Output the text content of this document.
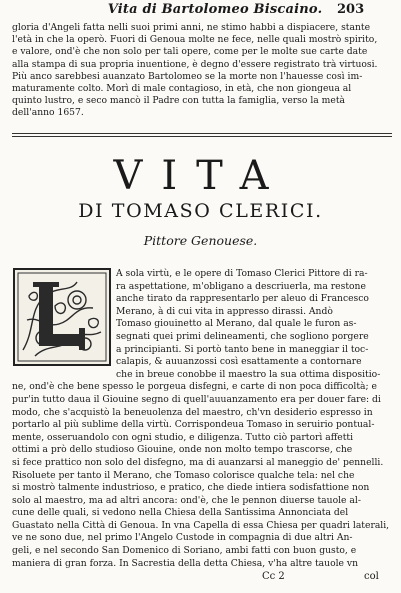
Vita di Bartolomeo Biscaino.	203
gloria d'Angeli fatta nelli suoi primi anni, ne stimo habbi a dispiacere, stante
l'età in che la operò. Fuori di Genoua molte ne fece, nelle quali mostrò spirito,
e valore, ond'è che non solo per tali opere, come per le molte sue carte date
alla stampa di sua propria inuentione, è degno d'essere registrato trà virtuosi.
Più anco sarebbesi auanzato Bartolomeo se la morte non l'hauesse così im-
maturamente colto. Morì di male contagioso, in età, che non giongeua al
quinto lustro, e seco mancò il Padre con tutta la famiglia, verso la metà
dell'anno 1657.
VITA
DI TOMASO CLERICI.
Pittore Genouese.
A sola virtù, e le opere di Tomaso Clerici Pittore di ra-
ra aspettatione, m'obligano a descriuerla, ma restone
anche tirato da rappresentarlo per aleuo di Francesco
Merano, à di cui vita in appresso dirassi. Andò
Tomaso giouinetto al Merano, dal quale le furon as-
segnati quei primi delineamenti, che sogliono porgere
a principianti. Si portò tanto bene in maneggiar il toc-
calapis, & auuanzossi così esattamente a contornare
che in breue conobbe il maestro la sua ottima dispositio-
ne, ond'è che bene spesso le porgeua disfegni, e carte di non poca difficoltà; e
pur'in tutto daua il Giouine segno di quell'auuanzamento era per douer fare: di
modo, che s'acquistò la beneuolenza del maestro, ch'vn desiderio espresso in
portarlo al più sublime della virtù. Corrispondeua Tomaso in seruirio pontual-
mente, osseruandolo con ogni studio, e diligenza. Tutto ciò partorì affetti
ottimi a prò dello studioso Giouine, onde non molto tempo trascorse, che
si fece prattico non solo del disfegno, ma di auanzarsi al maneggio de' pennelli.
Risoluete per tanto il Merano, che Tomaso colorisce qualche tela: nel che
si mostrò talmente industrioso, e pratico, che diede intiera sodisfattione non
solo al maestro, ma ad altri ancora: ond'è, che le pennon diuerse tauole al-
cune delle quali, si vedono nella Chiesa della Santissima Annonciata del
Guastato nella Città di Genoua. In vna Capella di essa Chiesa per quadri laterali,
ve ne sono due, nel primo l'Angelo Custode in compagnia di due altri An-
geli, e nel secondo San Domenico di Soriano, ambi fatti con buon gusto, e
maniera di gran forza. In Sacrestia della detta Chiesa, v'ha altre tauole vn
Cc 2	col
